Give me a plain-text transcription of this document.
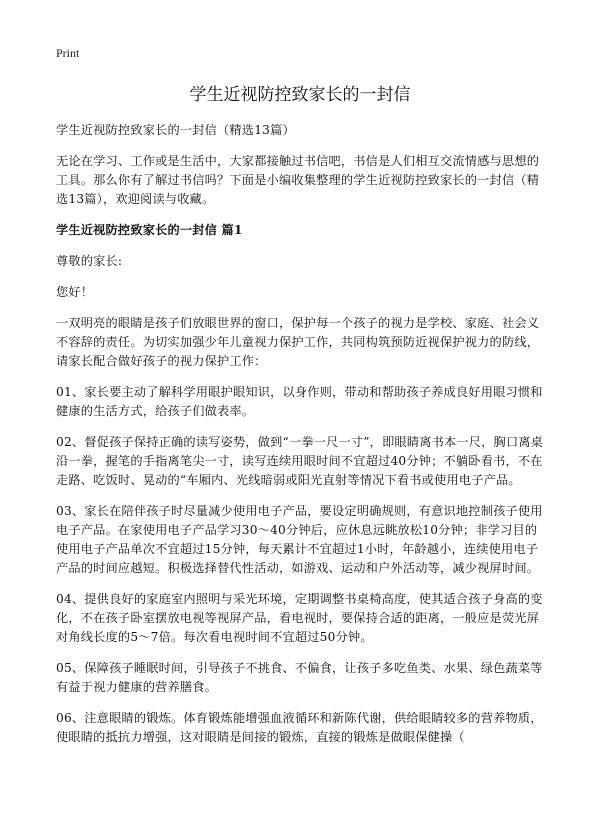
Print
学生近视防控致家长的一封信

学生近视防控致家长的一封信（精选13篇）

无论在学习、工作或是生活中，大家都接触过书信吧，书信是人们相互交流情感与思想的工具。那么你有了解过书信吗？下面是小编收集整理的学生近视防控致家长的一封信（精选13篇），欢迎阅读与收藏。

学生近视防控致家长的一封信 篇1

尊敬的家长:

您好！

一双明亮的眼睛是孩子们放眼世界的窗口，保护每一个孩子的视力是学校、家庭、社会义不容辞的责任。为切实加强少年儿童视力保护工作，共同构筑预防近视保护视力的防线，请家长配合做好孩子的视力保护工作：

01、家长要主动了解科学用眼护眼知识，以身作则，带动和帮助孩子养成良好用眼习惯和健康的生活方式，给孩子们做表率。

02、督促孩子保持正确的读写姿势，做到“一拳一尺一寸”，即眼睛离书本一尺，胸口离桌沿一拳，握笔的手指离笔尖一寸，读写连续用眼时间不宜超过40分钟；不躺卧看书，不在走路、吃饭时、晃动的“车厢内、光线暗弱或阳光直射等情况下看书或使用电子产品。

03、家长在陪伴孩子时尽量减少使用电子产品，要设定明确规则，有意识地控制孩子使用电子产品。在家使用电子产品学习30～40分钟后，应休息远眺放松10分钟；非学习目的使用电子产品单次不宜超过15分钟，每天累计不宜超过1小时，年龄越小，连续使用电子产品的时间应越短。积极选择替代性活动，如游戏、运动和户外活动等，减少视屏时间。

04、提供良好的家庭室内照明与采光环境，定期调整书桌椅高度，使其适合孩子身高的变化，不在孩子卧室摆放电视等视屏产品，看电视时，要保持合适的距离，一般应是荧光屏对角线长度的5～7倍。每次看电视时间不宜超过50分钟。

05、保障孩子睡眠时间，引导孩子不挑食、不偏食，让孩子多吃鱼类、水果、绿色蔬菜等有益于视力健康的营养膳食。

06、注意眼睛的锻炼。体育锻炼能增强血液循环和新陈代谢，供给眼睛较多的营养物质，使眼睛的抵抗力增强，这对眼睛是间接的锻炼，直接的锻炼是做眼保健操（
